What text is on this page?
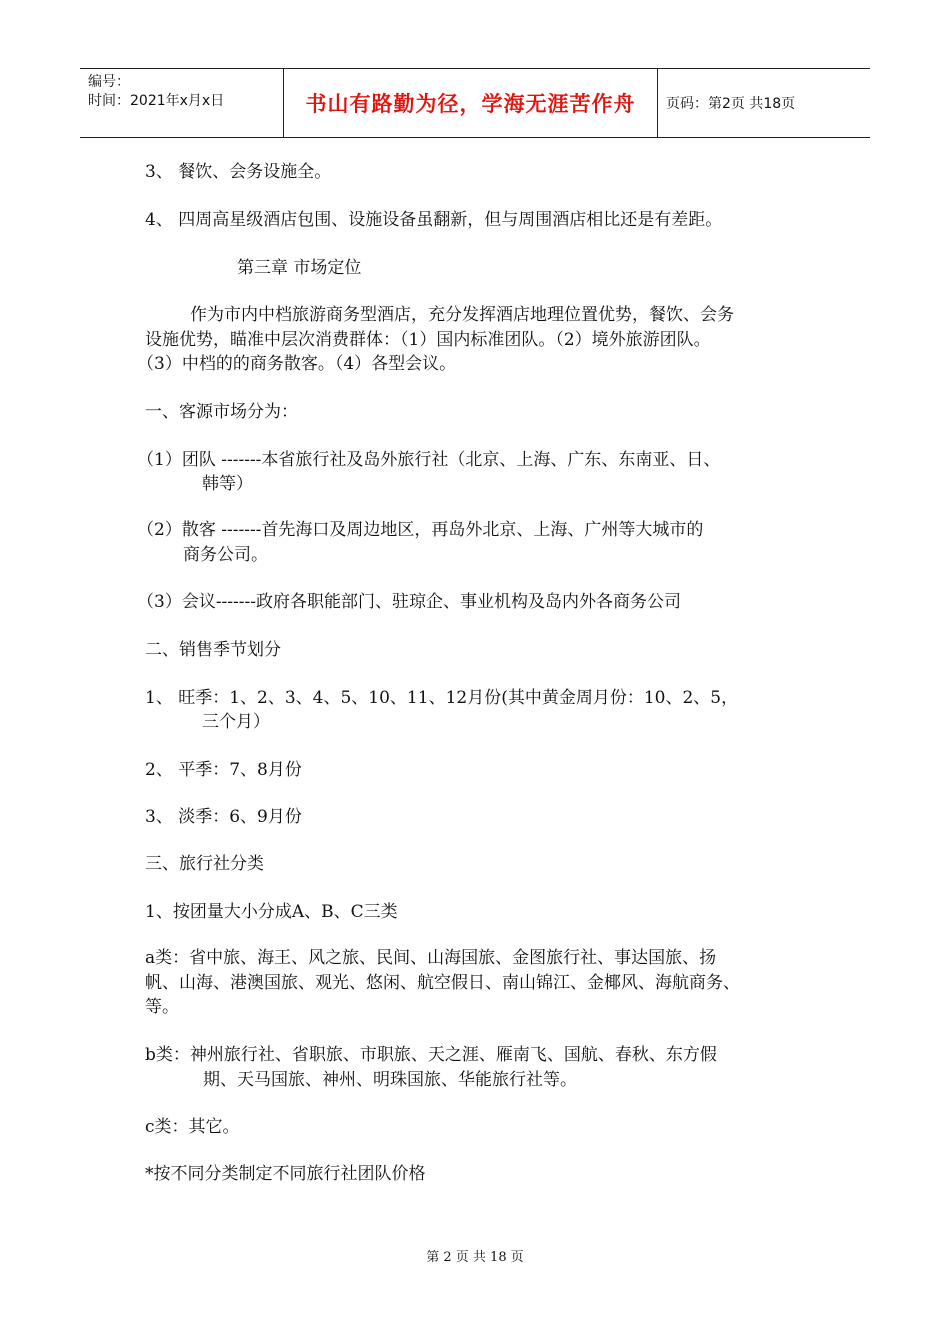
编号：
时间：2021年x月x日	书山有路勤为径，学海无涯苦作舟 页码：第2页 共18页
3、 餐饮、会务设施全。
4、 四周高星级酒店包围、设施设备虽翻新，但与周围酒店相比还是有差距。
第三章 市场定位
作为市内中档旅游商务型酒店，充分发挥酒店地理位置优势，餐饮、会务
设施优势，瞄准中层次消费群体：（1）国内标准团队。（2）境外旅游团队。
（3）中档的的商务散客。（4）各型会议。
一、客源市场分为：
（1）团队 -------本省旅行社及岛外旅行社（北京、上海、广东、东南亚、日、
韩等）
（2）散客 -------首先海口及周边地区，再岛外北京、上海、广州等大城市的
商务公司。
（3）会议-------政府各职能部门、驻琼企、事业机构及岛内外各商务公司
二、销售季节划分
1、 旺季：1、2、3、4、5、10、11、12月份(其中黄金周月份：10、2、5，
三个月）
2、 平季：7、8月份
3、 淡季：6、9月份
三、旅行社分类
1、按团量大小分成A、B、C三类
a类：省中旅、海王、风之旅、民间、山海国旅、金图旅行社、事达国旅、扬
帆、山海、港澳国旅、观光、悠闲、航空假日、南山锦江、金椰风、海航商务、
等。
b类：神州旅行社、省职旅、市职旅、天之涯、雁南飞、国航、春秋、东方假
期、天马国旅、神州、明珠国旅、华能旅行社等。
c类：其它。
*按不同分类制定不同旅行社团队价格
第 2 页 共 18 页
